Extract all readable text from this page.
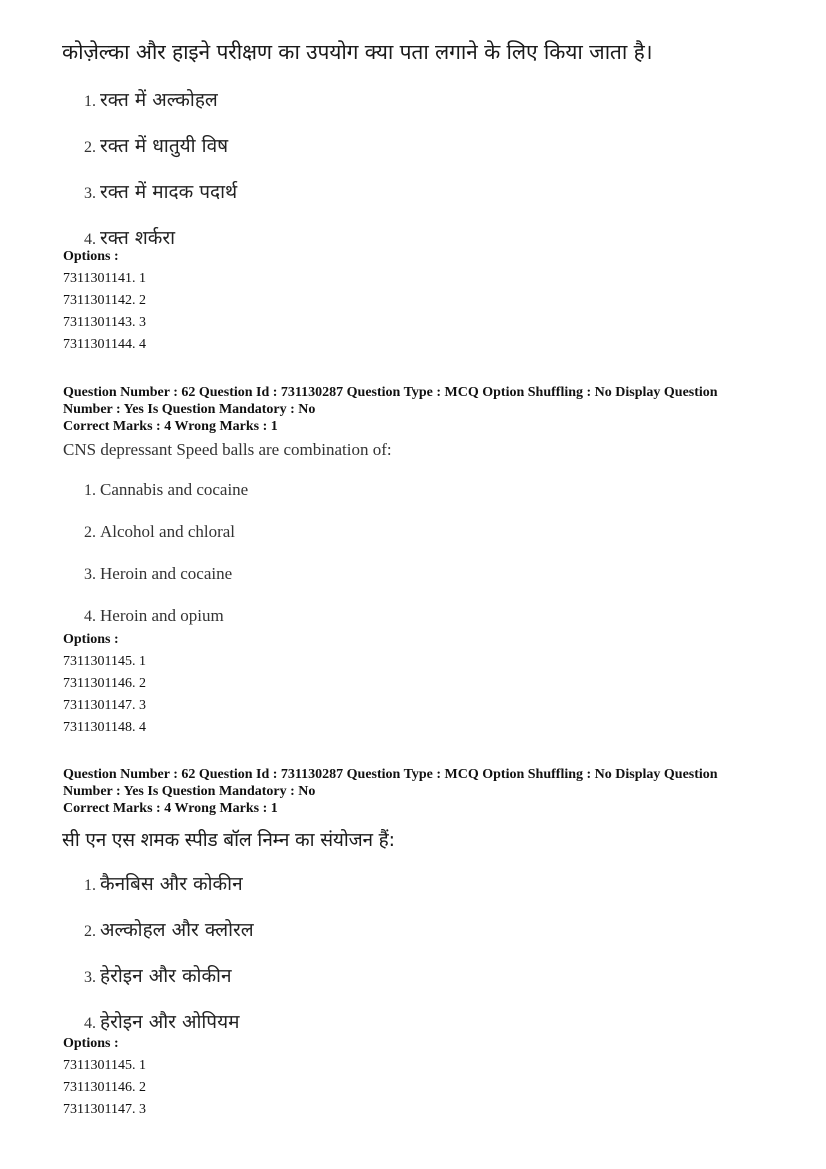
कोज़ेल्का और हाइने परीक्षण का उपयोग क्या पता लगाने के लिए किया जाता है।
1. रक्त में अल्कोहल
2. रक्त में धातुयी विष
3. रक्त में मादक पदार्थ
4. रक्त शर्करा
Options :
7311301141. 1
7311301142. 2
7311301143. 3
7311301144. 4
Question Number : 62 Question Id : 731130287 Question Type : MCQ Option Shuffling : No Display Question
Number : Yes Is Question Mandatory : No
Correct Marks : 4 Wrong Marks : 1
CNS depressant Speed balls are combination of:
1. Cannabis and cocaine
2. Alcohol and chloral
3. Heroin and cocaine
4. Heroin and opium
Options :
7311301145. 1
7311301146. 2
7311301147. 3
7311301148. 4
Question Number : 62 Question Id : 731130287 Question Type : MCQ Option Shuffling : No Display Question
Number : Yes Is Question Mandatory : No
Correct Marks : 4 Wrong Marks : 1
सी एन एस शमक स्पीड बॉल निम्न का संयोजन हैं:
1. कैनबिस और कोकीन
2. अल्कोहल और क्लोरल
3. हेरोइन और कोकीन
4. हेरोइन और ओपियम
Options :
7311301145. 1
7311301146. 2
7311301147. 3
